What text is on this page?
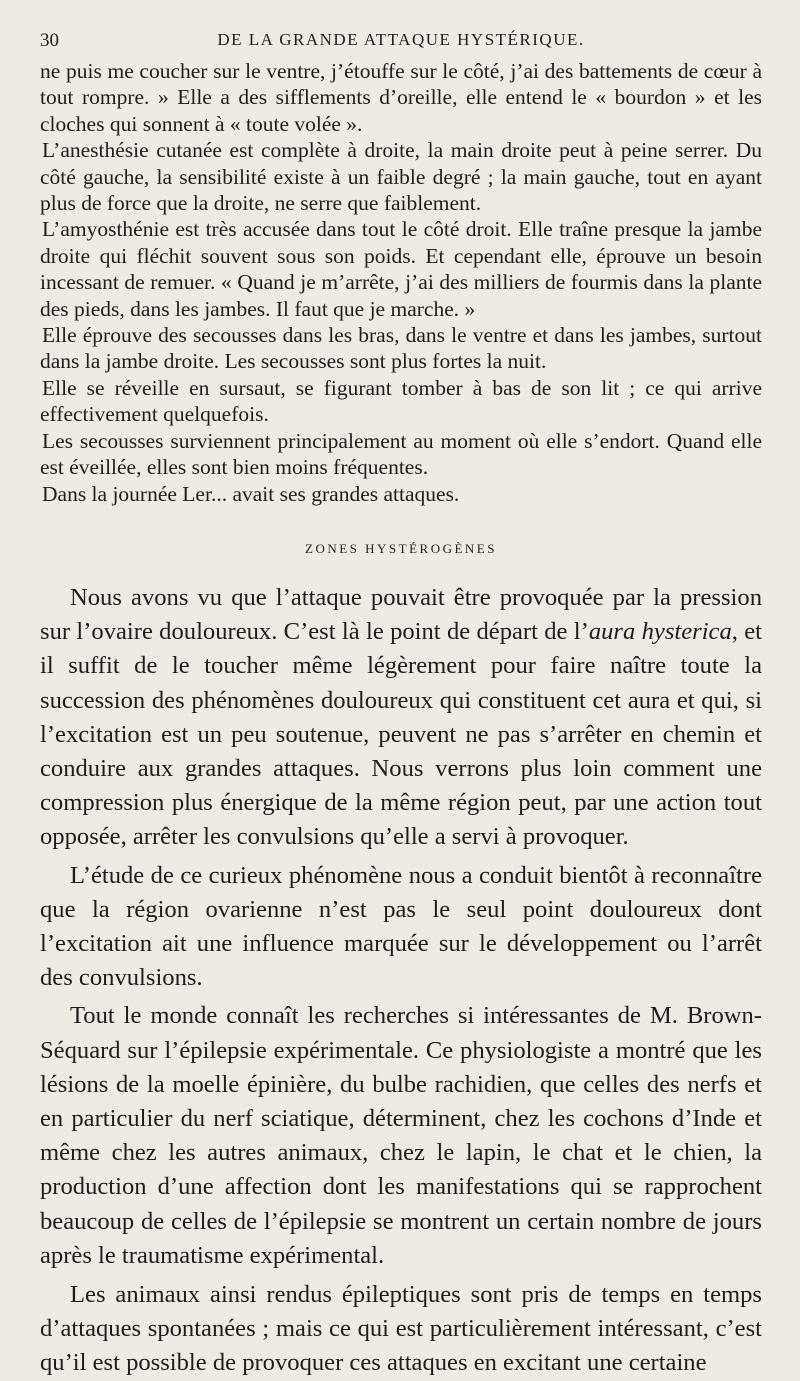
30	DE LA GRANDE ATTAQUE HYSTÉRIQUE.

ne puis me coucher sur le ventre, j’étouffe sur le côté, j’ai des battements de cœur à tout rompre. » Elle a des sifflements d’oreille, elle entend le « bourdon » et les cloches qui sonnent à « toute volée ».

L’anesthésie cutanée est complète à droite, la main droite peut à peine serrer. Du côté gauche, la sensibilité existe à un faible degré ; la main gauche, tout en ayant plus de force que la droite, ne serre que faiblement.

L’amyosthénie est très accusée dans tout le côté droit. Elle traîne presque la jambe droite qui fléchit souvent sous son poids. Et cependant elle, éprouve un besoin incessant de remuer. « Quand je m’arrête, j’ai des milliers de fourmis dans la plante des pieds, dans les jambes. Il faut que je marche. »

Elle éprouve des secousses dans les bras, dans le ventre et dans les jambes, surtout dans la jambe droite. Les secousses sont plus fortes la nuit.

Elle se réveille en sursaut, se figurant tomber à bas de son lit ; ce qui arrive effectivement quelquefois.

Les secousses surviennent principalement au moment où elle s’endort. Quand elle est éveillée, elles sont bien moins fréquentes.

Dans la journée Ler... avait ses grandes attaques.

ZONES HYSTÉROGÈNES

Nous avons vu que l’attaque pouvait être provoquée par la pression sur l’ovaire douloureux. C’est là le point de départ de l’aura hysterica, et il suffit de le toucher même légèrement pour faire naître toute la succession des phénomènes douloureux qui constituent cet aura et qui, si l’excitation est un peu soutenue, peuvent ne pas s’arrêter en chemin et conduire aux grandes attaques. Nous verrons plus loin comment une compression plus énergique de la même région peut, par une action tout opposée, arrêter les convulsions qu’elle a servi à provoquer.

L’étude de ce curieux phénomène nous a conduit bientôt à reconnaître que la région ovarienne n’est pas le seul point douloureux dont l’excitation ait une influence marquée sur le développement ou l’arrêt des convulsions.

Tout le monde connaît les recherches si intéressantes de M. Brown-Séquard sur l’épilepsie expérimentale. Ce physiologiste a montré que les lésions de la moelle épinière, du bulbe rachidien, que celles des nerfs et en particulier du nerf sciatique, déterminent, chez les cochons d’Inde et même chez les autres animaux, chez le lapin, le chat et le chien, la production d’une affection dont les manifestations qui se rapprochent beaucoup de celles de l’épilepsie se montrent un certain nombre de jours après le traumatisme expérimental.

Les animaux ainsi rendus épileptiques sont pris de temps en temps d’attaques spontanées ; mais ce qui est particulièrement intéressant, c’est qu’il est possible de provoquer ces attaques en excitant une certaine
